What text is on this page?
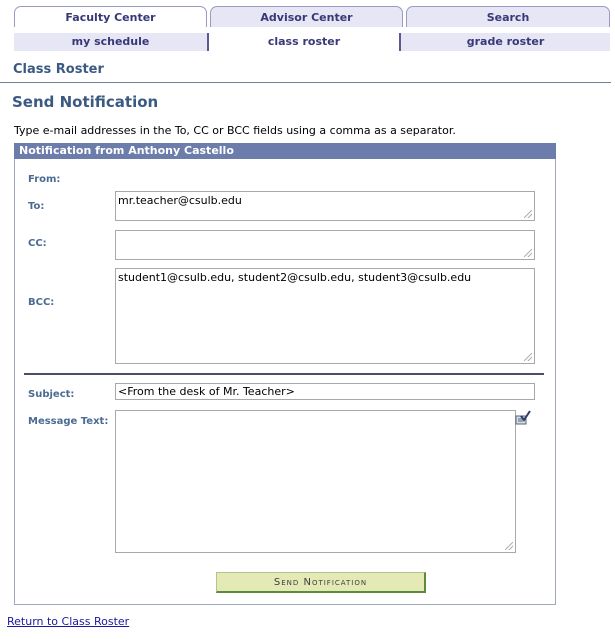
Faculty Center	Advisor Center	Search
my schedule	class roster	grade roster
Class Roster
Send Notification
Type e-mail addresses in the To, CC or BCC fields using a comma as a separator.
Notification from Anthony Castello
From:
To:	mr.teacher@csulb.edu
CC:
BCC:
student1@csulb.edu, student2@csulb.edu, student3@csulb.edu
Subject:	<From the desk of Mr. Teacher>
Message Text:
Send Notification
Return to Class Roster
